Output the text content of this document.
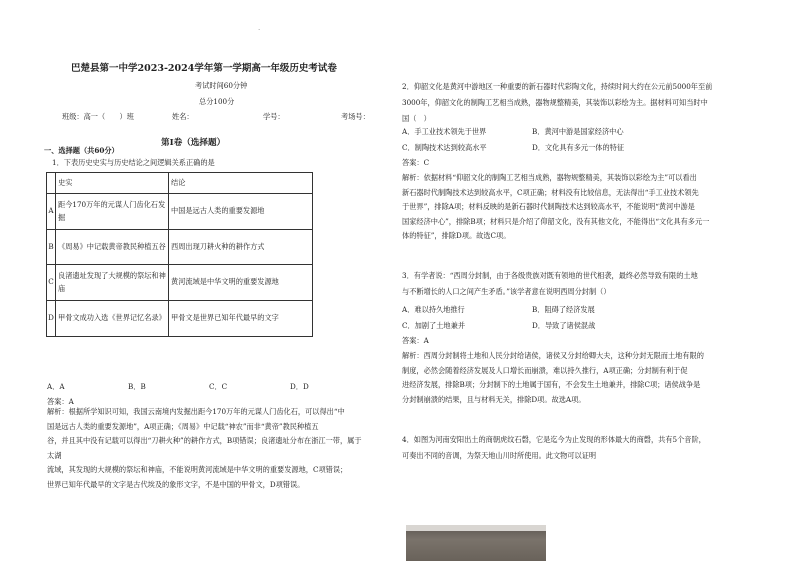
·
巴楚县第一中学2023-2024学年第一学期高一年级历史考试卷
考试时间60分钟
总分100分
班级：高一（　　）班	姓名：	学号：	考场号：
第Ⅰ卷（选择题）
一、选择题（共60分）
1．下表历史史实与历史结论之间逻辑关系正确的是
	史实	结论
A	距今170万年的元谋人门齿化石发掘	中国是远古人类的重要发源地
B	《周易》中记载黄帝教民种植五谷	西周出现刀耕火种的耕作方式
C	良渚遗址发现了大规模的祭坛和神庙	黄河流域是中华文明的重要发源地
D	甲骨文成功入选《世界记忆名录》	甲骨文是世界已知年代最早的文字
A．A	B．B	C．C	D．D
答案：A
解析：根据所学知识可知，我国云南境内发掘出距今170万年的元谋人门齿化石，可以得出“中
国是远古人类的重要发源地”，A项正确；《周易》中记载“神农”而非“黄帝”教民种植五
谷，并且其中没有记载可以得出“刀耕火种”的耕作方式，B项错误；良渚遗址分布在浙江一带，属于太湖
流域，其发现的大规模的祭坛和神庙，不能说明黄河流域是中华文明的重要发源地，C项错误；
世界已知年代最早的文字是古代埃及的象形文字，不是中国的甲骨文，D项错误。
2．仰韶文化是黄河中游地区一种重要的新石器时代彩陶文化，持续时间大约在公元前5000年至前
3000年，仰韶文化的制陶工艺相当成熟，器物规整精美，其装饰以彩绘为主。据材料可知当时中
国（　）
A．手工业技术领先于世界	B．黄河中游是国家经济中心
C．制陶技术达到较高水平	D．文化具有多元一体的特征
答案：C
解析：依据材料“仰韶文化的制陶工艺相当成熟，器物规整精美，其装饰以彩绘为主”可以看出
新石器时代制陶技术达到较高水平，C项正确；材料没有比较信息，无法得出“手工业技术领先
于世界”，排除A项；材料反映的是新石器时代制陶技术达到较高水平，不能说明“黄河中游是
国家经济中心”，排除B项；材料只是介绍了仰韶文化，没有其他文化，不能得出“文化具有多元一
体的特征”，排除D项。故选C项。
3．有学者说：“西周分封制，由于各级贵族对既有领地的世代相袭，最终必然导致有限的土地
与不断增长的人口之间产生矛盾。”该学者意在说明西周分封制（）
A．难以持久地推行	B．阻碍了经济发展
C．加剧了土地兼并	D．导致了诸侯混战
答案：A
解析：西周分封制将土地和人民分封给诸侯，诸侯又分封给卿大夫，这种分封无限而土地有限的
制度，必然会随着经济发展及人口增长而崩溃，难以持久推行，A项正确；分封制有利于促
进经济发展，排除B项；分封制下的土地属于国有，不会发生土地兼并，排除C项；诸侯战争是
分封制崩溃的结果，且与材料无关，排除D项。故选A项。
4．如图为河南安阳出土的商朝虎纹石磬，它是迄今为止发现的形体最大的商磬，共有5个音阶，
可奏出不同的音调，为祭天地山川时所使用。此文物可以证明
